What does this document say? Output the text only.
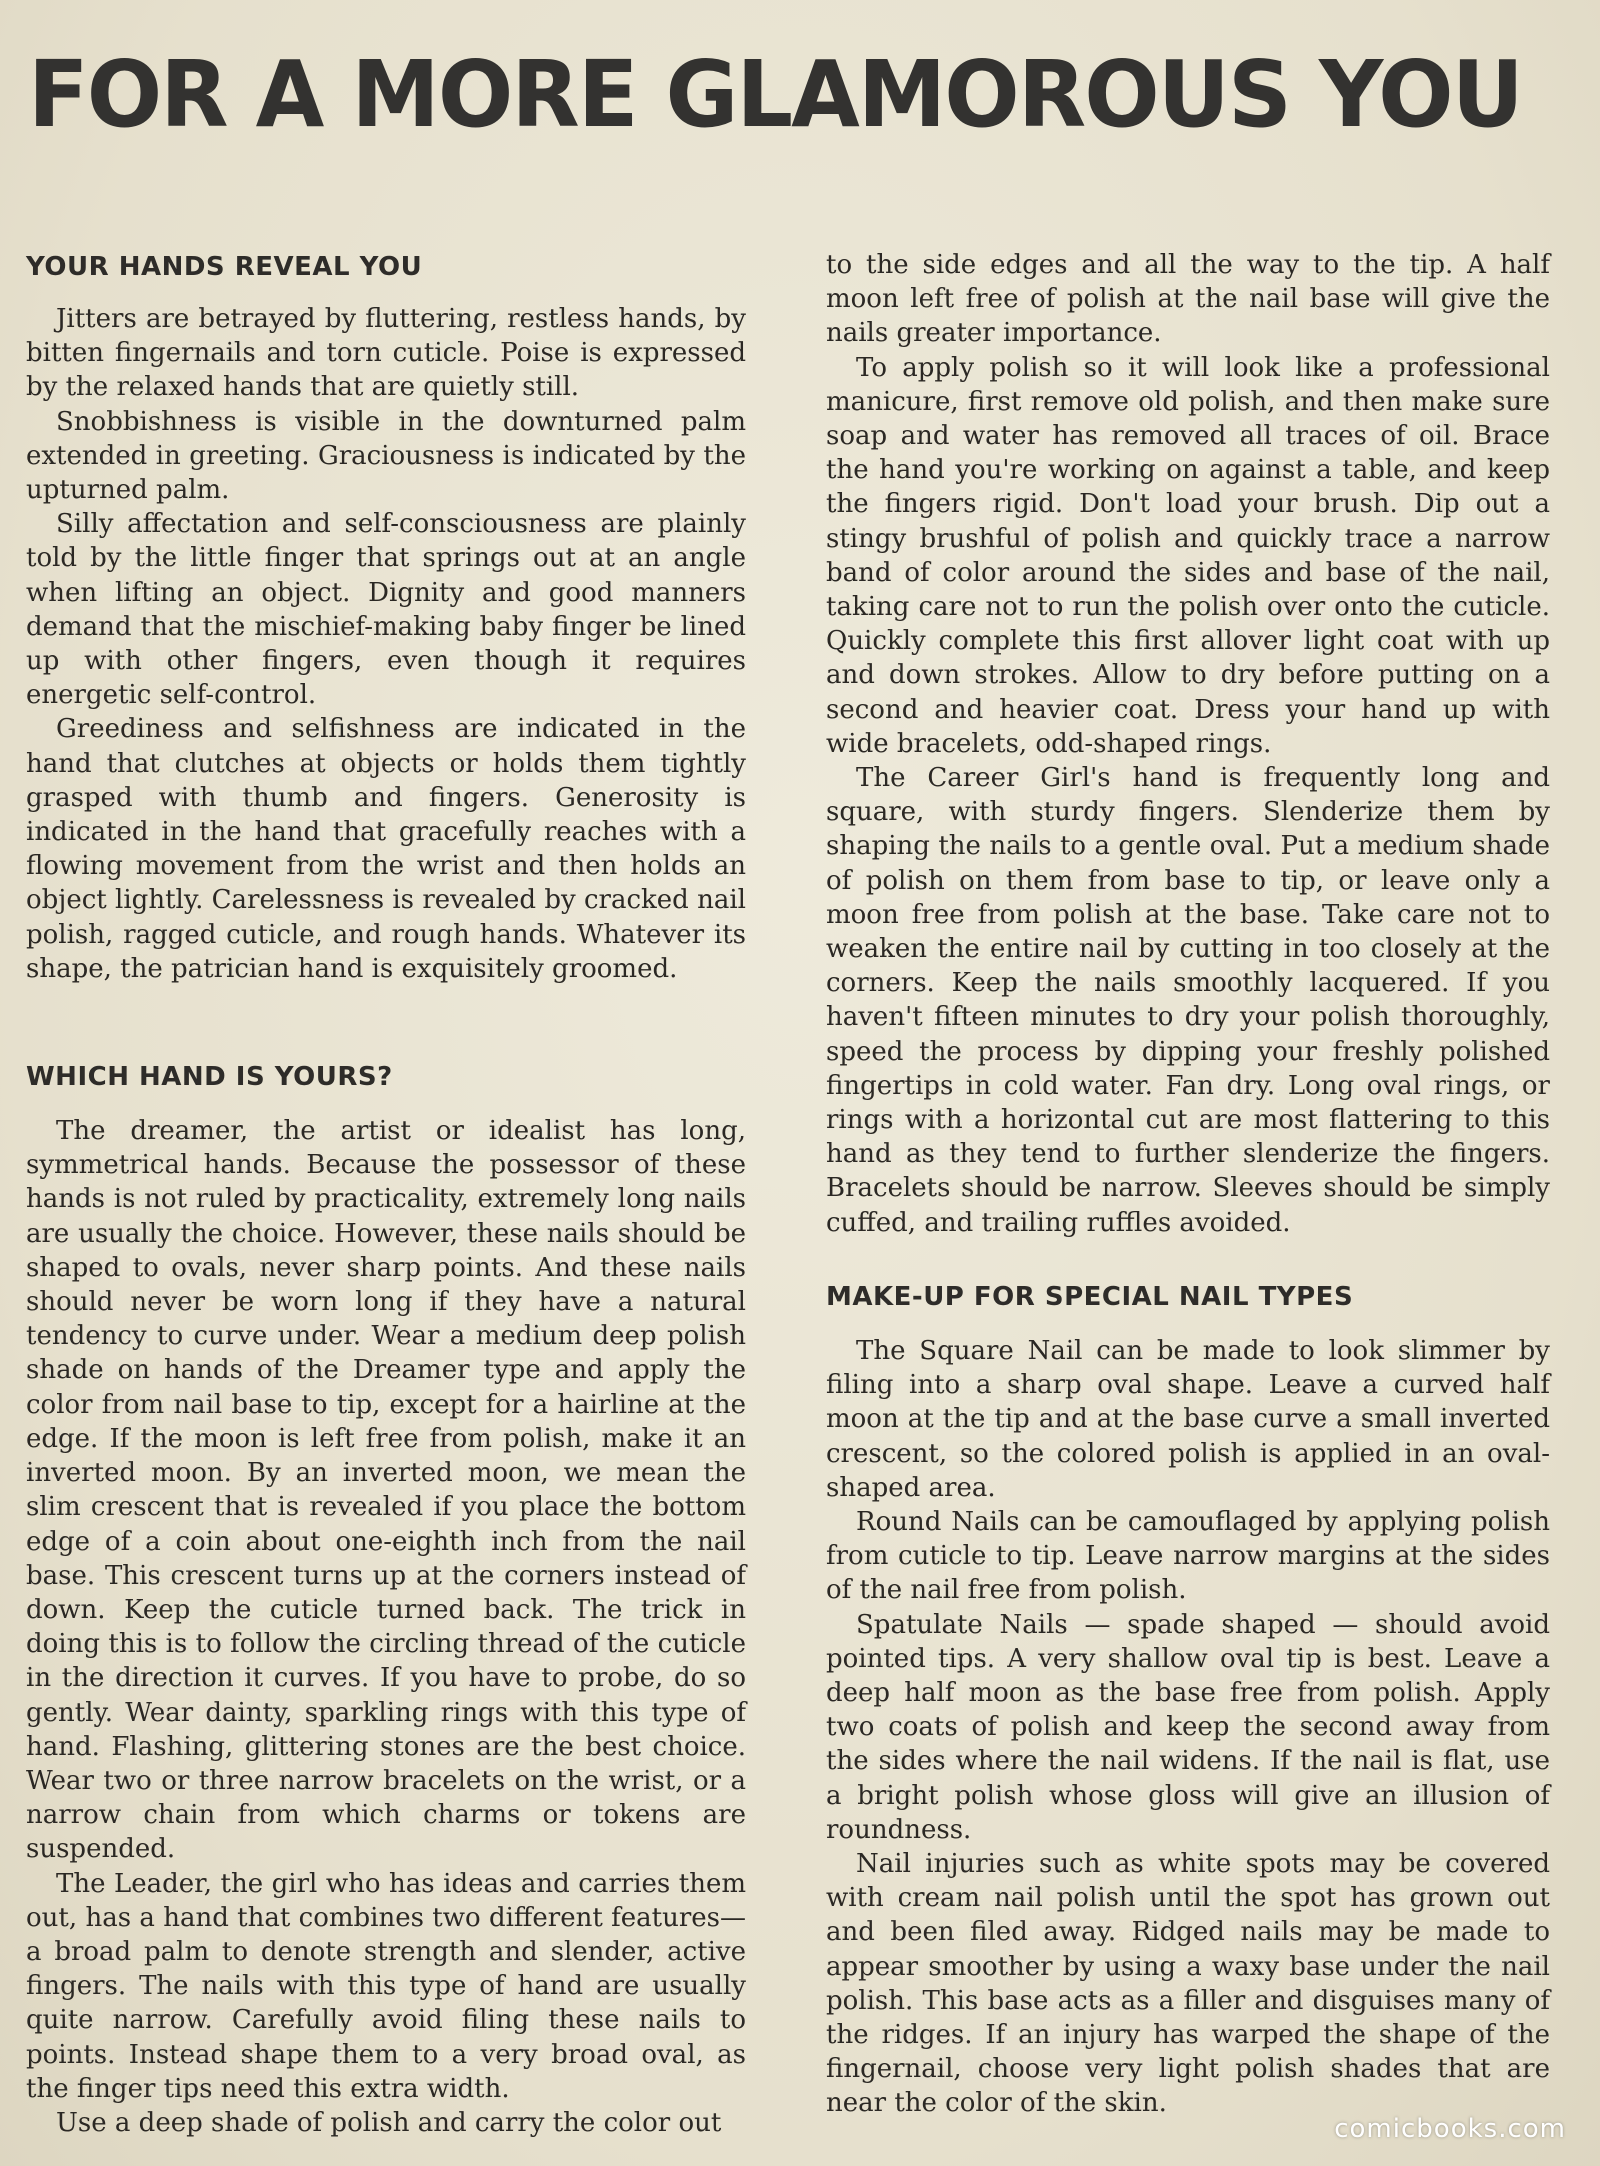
FOR A MORE GLAMOROUS YOU
YOUR HANDS REVEAL YOU

Jitters are betrayed by fluttering, restless hands, by bitten fingernails and torn cuticle. Poise is expressed by the relaxed hands that are quietly still.

Snobbishness is visible in the downturned palm extended in greeting. Graciousness is indicated by the upturned palm.

Silly affectation and self-consciousness are plainly told by the little finger that springs out at an angle when lifting an object. Dignity and good manners demand that the mischief-making baby finger be lined up with other fingers, even though it requires energetic self-control.

Greediness and selfishness are indicated in the hand that clutches at objects or holds them tightly grasped with thumb and fingers. Generosity is indicated in the hand that gracefully reaches with a flowing movement from the wrist and then holds an object lightly. Carelessness is revealed by cracked nail polish, ragged cuticle, and rough hands. Whatever its shape, the patrician hand is exquisitely groomed.

WHICH HAND IS YOURS?

The dreamer, the artist or idealist has long, symmetrical hands. Because the possessor of these hands is not ruled by practicality, extremely long nails are usually the choice. However, these nails should be shaped to ovals, never sharp points. And these nails should never be worn long if they have a natural tendency to curve under. Wear a medium deep polish shade on hands of the Dreamer type and apply the color from nail base to tip, except for a hairline at the edge. If the moon is left free from polish, make it an inverted moon. By an inverted moon, we mean the slim crescent that is revealed if you place the bottom edge of a coin about one-eighth inch from the nail base. This crescent turns up at the corners instead of down. Keep the cuticle turned back. The trick in doing this is to follow the circling thread of the cuticle in the direction it curves. If you have to probe, do so gently. Wear dainty, sparkling rings with this type of hand. Flashing, glittering stones are the best choice. Wear two or three narrow bracelets on the wrist, or a narrow chain from which charms or tokens are suspended.

The Leader, the girl who has ideas and carries them out, has a hand that combines two different features—a broad palm to denote strength and slender, active fingers. The nails with this type of hand are usually quite narrow. Carefully avoid filing these nails to points. Instead shape them to a very broad oval, as the finger tips need this extra width.

Use a deep shade of polish and carry the color out

to the side edges and all the way to the tip. A half moon left free of polish at the nail base will give the nails greater importance.

To apply polish so it will look like a professional manicure, first remove old polish, and then make sure soap and water has removed all traces of oil. Brace the hand you're working on against a table, and keep the fingers rigid. Don't load your brush. Dip out a stingy brushful of polish and quickly trace a narrow band of color around the sides and base of the nail, taking care not to run the polish over onto the cuticle. Quickly complete this first allover light coat with up and down strokes. Allow to dry before putting on a second and heavier coat. Dress your hand up with wide bracelets, odd-shaped rings.

The Career Girl's hand is frequently long and square, with sturdy fingers. Slenderize them by shaping the nails to a gentle oval. Put a medium shade of polish on them from base to tip, or leave only a moon free from polish at the base. Take care not to weaken the entire nail by cutting in too closely at the corners. Keep the nails smoothly lacquered. If you haven't fifteen minutes to dry your polish thoroughly, speed the process by dipping your freshly polished fingertips in cold water. Fan dry. Long oval rings, or rings with a horizontal cut are most flattering to this hand as they tend to further slenderize the fingers. Bracelets should be narrow. Sleeves should be simply cuffed, and trailing ruffles avoided.

MAKE-UP FOR SPECIAL NAIL TYPES

The Square Nail can be made to look slimmer by filing into a sharp oval shape. Leave a curved half moon at the tip and at the base curve a small inverted crescent, so the colored polish is applied in an oval-shaped area.

Round Nails can be camouflaged by applying polish from cuticle to tip. Leave narrow margins at the sides of the nail free from polish.

Spatulate Nails — spade shaped — should avoid pointed tips. A very shallow oval tip is best. Leave a deep half moon as the base free from polish. Apply two coats of polish and keep the second away from the sides where the nail widens. If the nail is flat, use a bright polish whose gloss will give an illusion of roundness.

Nail injuries such as white spots may be covered with cream nail polish until the spot has grown out and been filed away. Ridged nails may be made to appear smoother by using a waxy base under the nail polish. This base acts as a filler and disguises many of the ridges. If an injury has warped the shape of the fingernail, choose very light polish shades that are near the color of the skin.

comicbooks.com
